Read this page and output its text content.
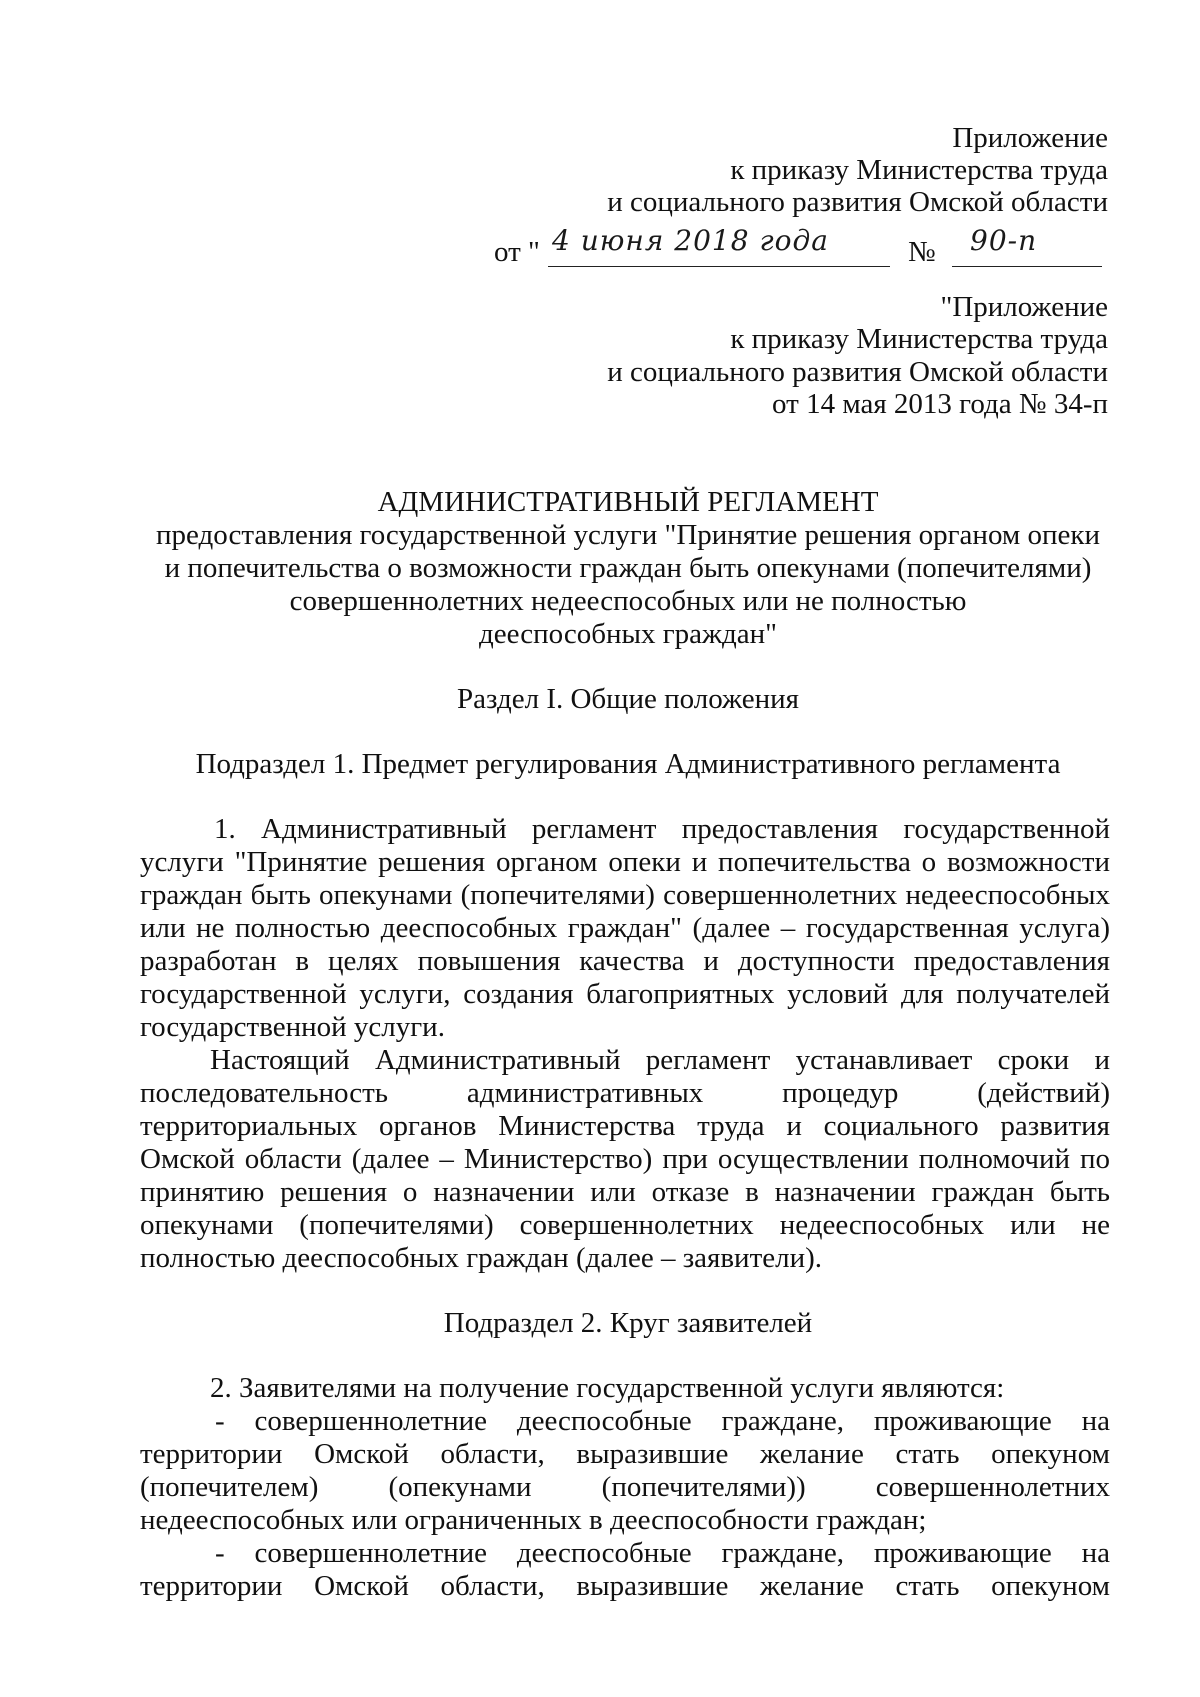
Приложение
к приказу Министерства труда
и социального развития Омской области
от " 4 июня 2018 года	№ 90-п
"Приложение
к приказу Министерства труда
и социального развития Омской области
от 14 мая 2013 года № 34-п
АДМИНИСТРАТИВНЫЙ РЕГЛАМЕНТ
предоставления государственной услуги "Принятие решения органом опеки
и попечительства о возможности граждан быть опекунами (попечителями)
совершеннолетних недееспособных или не полностью
дееспособных граждан"
Раздел I. Общие положения
Подраздел 1. Предмет регулирования Административного регламента

1. Административный регламент предоставления государственной услуги "Принятие решения органом опеки и попечительства о возможности граждан быть опекунами (попечителями) совершеннолетних недееспособных или не полностью дееспособных граждан" (далее – государственная услуга) разработан в целях повышения качества и доступности предоставления государственной услуги, создания благоприятных условий для получателей государственной услуги.

Настоящий Административный регламент устанавливает сроки и последовательность административных процедур (действий) территориальных органов Министерства труда и социального развития Омской области (далее – Министерство) при осуществлении полномочий по принятию решения о назначении или отказе в назначении граждан быть опекунами (попечителями) совершеннолетних недееспособных или не полностью дееспособных граждан (далее – заявители).

Подраздел 2. Круг заявителей

2. Заявителями на получение государственной услуги являются:

- совершеннолетние дееспособные граждане, проживающие на территории Омской области, выразившие желание стать опекуном (попечителем) (опекунами (попечителями)) совершеннолетних недееспособных или ограниченных в дееспособности граждан;

- совершеннолетние дееспособные граждане, проживающие на территории Омской области, выразившие желание стать опекуном
